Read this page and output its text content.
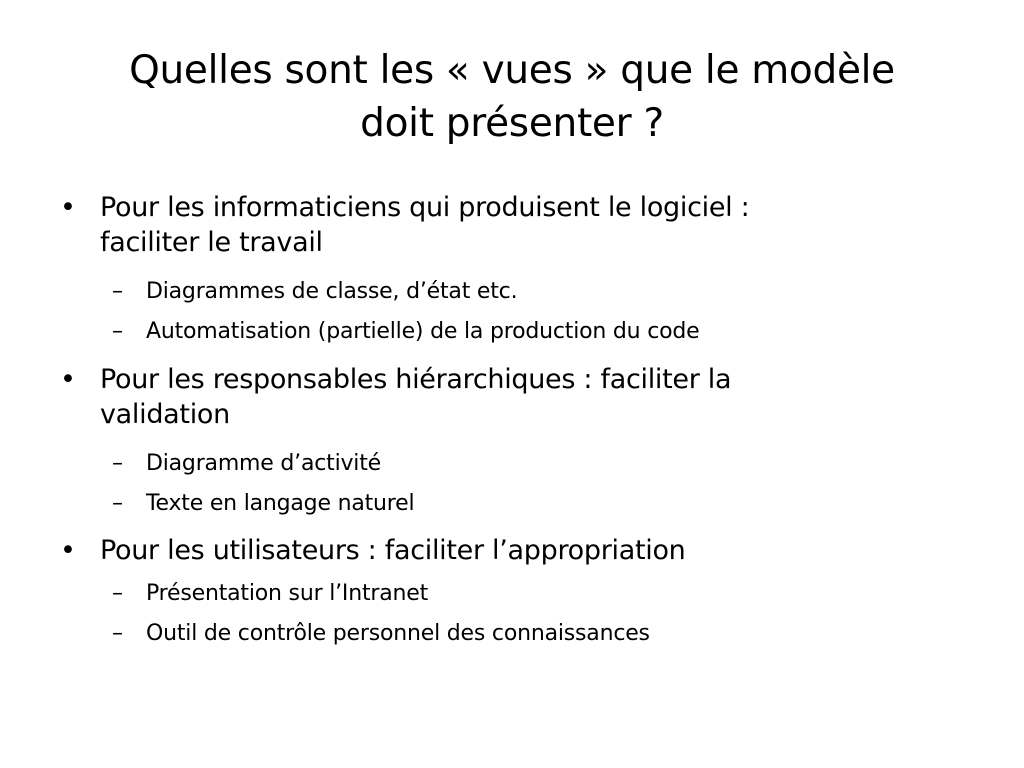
Quelles sont les « vues » que le modèle
doit présenter ?
• Pour les informaticiens qui produisent le logiciel :
faciliter le travail
– Diagrammes de classe, d’état etc.
– Automatisation (partielle) de la production du code
• Pour les responsables hiérarchiques : faciliter la
validation
– Diagramme d’activité
– Texte en langage naturel
• Pour les utilisateurs : faciliter l’appropriation
– Présentation sur l’Intranet
– Outil de contrôle personnel des connaissances
